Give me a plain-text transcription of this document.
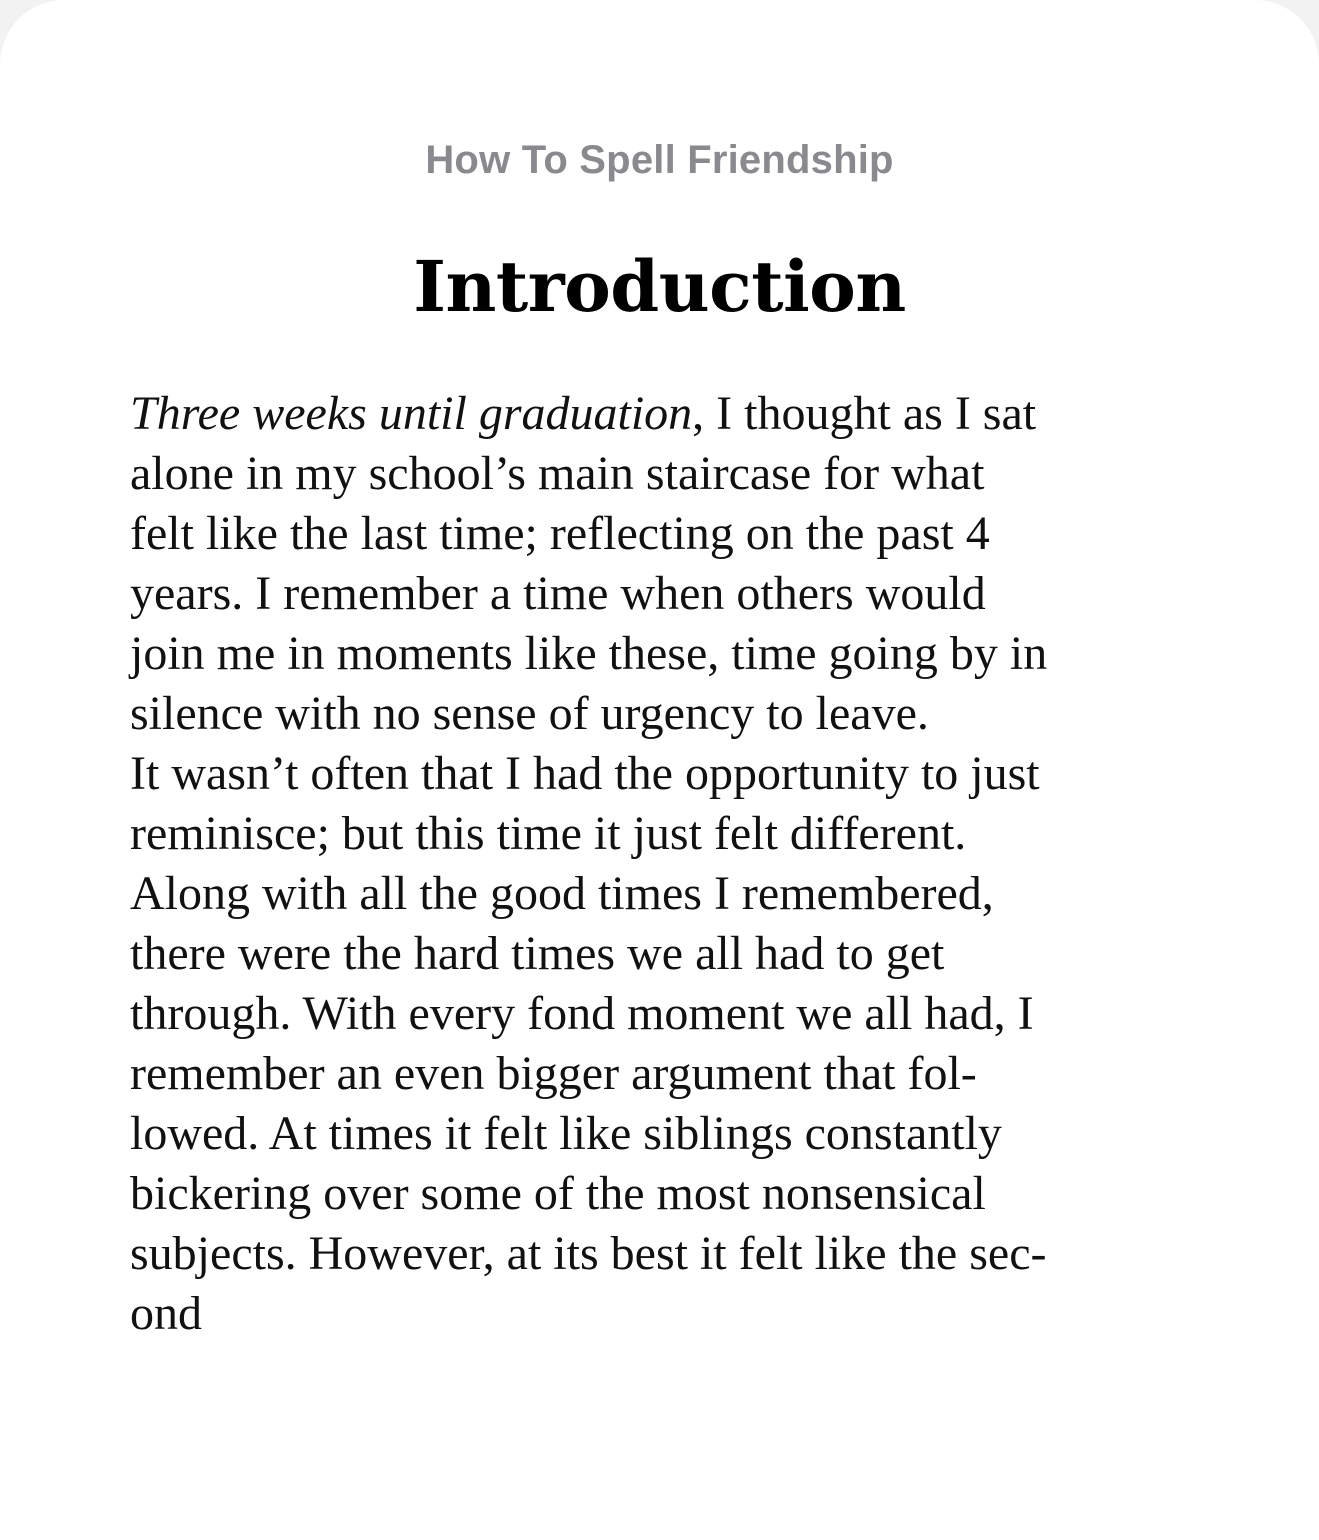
How To Spell Friendship
Introduction
Three weeks until graduation, I thought as I sat
alone in my school’s main staircase for what
felt like the last time; reflecting on the past 4
years. I remember a time when others would
join me in moments like these, time going by in
silence with no sense of urgency to leave.
It wasn’t often that I had the opportunity to just
reminisce; but this time it just felt different.
Along with all the good times I remembered,
there were the hard times we all had to get
through. With every fond moment we all had, I
remember an even bigger argument that fol-
lowed. At times it felt like siblings constantly
bickering over some of the most nonsensical
subjects. However, at its best it felt like the sec-
ond
